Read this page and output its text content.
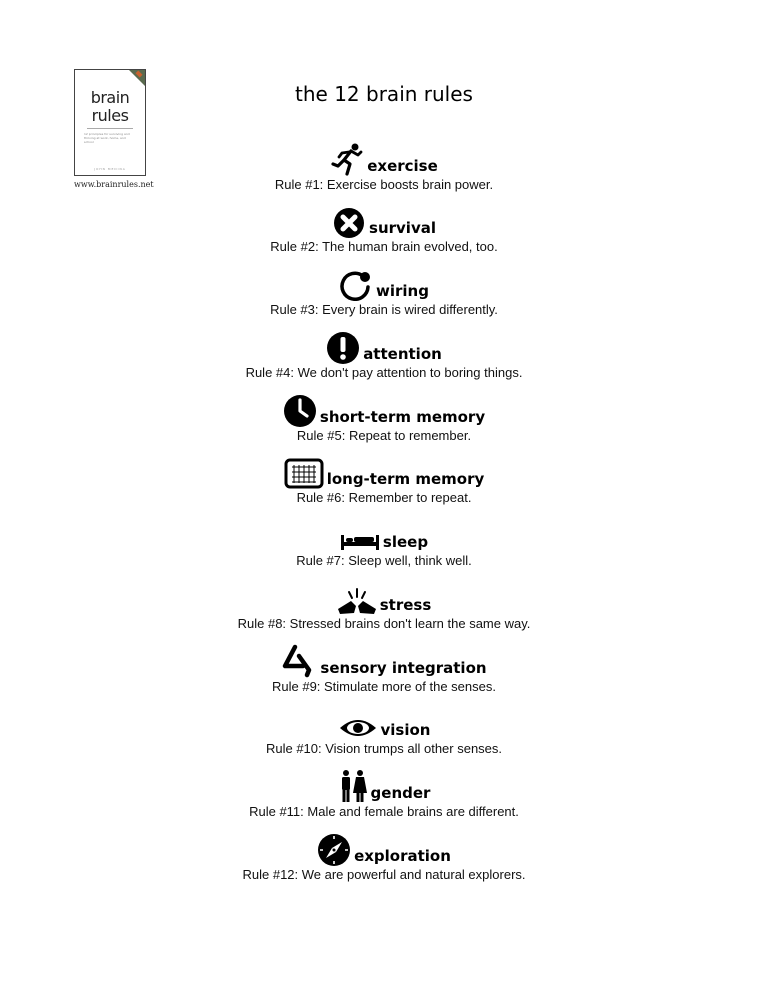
brain
rules
12 principles for surviving and thriving at work, home, and school
JOHN MEDINA
www.brainrules.net
the 12 brain rules
exercise
Rule #1: Exercise boosts brain power.
survival
Rule #2: The human brain evolved, too.
wiring
Rule #3: Every brain is wired differently.
attention
Rule #4: We don't pay attention to boring things.
short-term memory
Rule #5: Repeat to remember.
long-term memory
Rule #6: Remember to repeat.
sleep
Rule #7: Sleep well, think well.
stress
Rule #8: Stressed brains don't learn the same way.
sensory integration
Rule #9: Stimulate more of the senses.
vision
Rule #10: Vision trumps all other senses.
gender
Rule #11: Male and female brains are different.
exploration
Rule #12: We are powerful and natural explorers.
